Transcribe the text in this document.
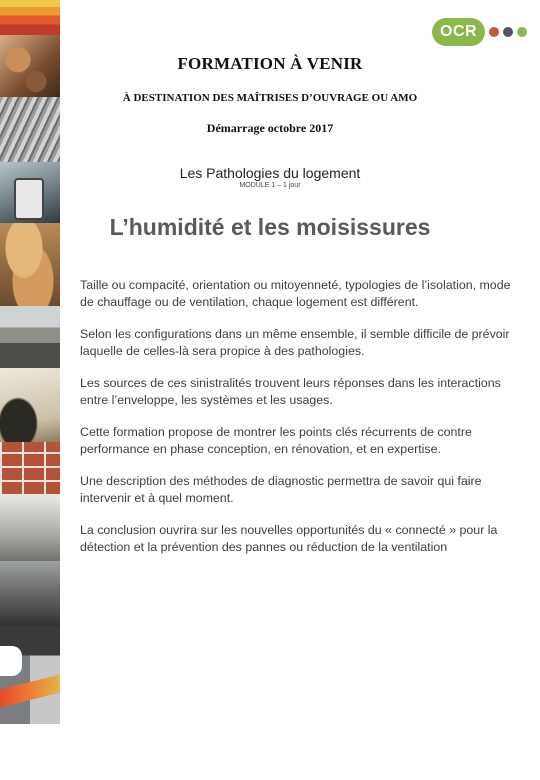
OCR
FORMATION À VENIR
À DESTINATION DES MAÎTRISES D’OUVRAGE OU AMO
Démarrage octobre 2017
Les Pathologies du logement
MODULE 1 – 1 jour
L’humidité et les moisissures

Taille ou compacité, orientation ou mitoyenneté, typologies de l’isolation, mode de chauffage ou de ventilation, chaque logement est différent.

Selon les configurations dans un même ensemble, il semble difficile de prévoir laquelle de celles-là sera propice à des pathologies.

Les sources de ces sinistralités trouvent leurs réponses dans les interactions entre l’enveloppe, les systèmes et les usages.

Cette formation propose de montrer les points clés récurrents de contre performance en phase conception, en rénovation, et en expertise.

Une description des méthodes de diagnostic permettra de savoir qui faire intervenir et à quel moment.

La conclusion ouvrira sur les nouvelles opportunités du « connecté » pour la détection et la prévention des pannes ou réduction de la ventilation
